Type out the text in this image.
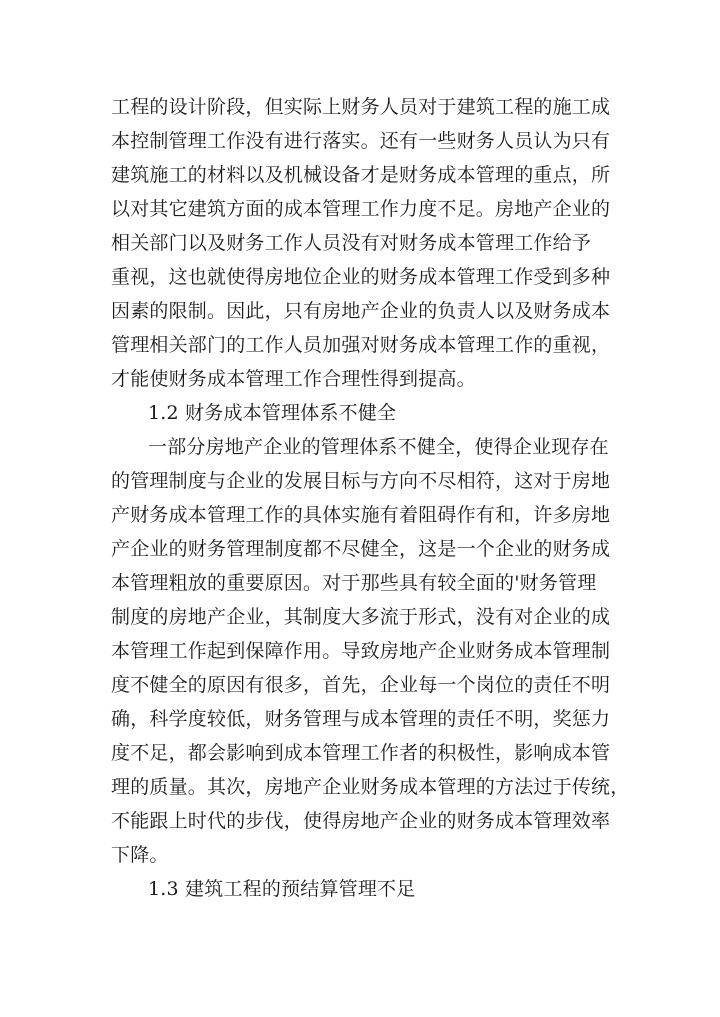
工程的设计阶段，但实际上财务人员对于建筑工程的施工成
本控制管理工作没有进行落实。还有一些财务人员认为只有
建筑施工的材料以及机械设备才是财务成本管理的重点，所
以对其它建筑方面的成本管理工作力度不足。房地产企业的
相关部门以及财务工作人员没有对财务成本管理工作给予
重视，这也就使得房地位企业的财务成本管理工作受到多种
因素的限制。因此，只有房地产企业的负责人以及财务成本
管理相关部门的工作人员加强对财务成本管理工作的重视，
才能使财务成本管理工作合理性得到提高。
1.2 财务成本管理体系不健全
一部分房地产企业的管理体系不健全，使得企业现存在
的管理制度与企业的发展目标与方向不尽相符，这对于房地
产财务成本管理工作的具体实施有着阻碍作有和，许多房地
产企业的财务管理制度都不尽健全，这是一个企业的财务成
本管理粗放的重要原因。对于那些具有较全面的'财务管理
制度的房地产企业，其制度大多流于形式，没有对企业的成
本管理工作起到保障作用。导致房地产企业财务成本管理制
度不健全的原因有很多，首先，企业每一个岗位的责任不明
确，科学度较低，财务管理与成本管理的责任不明，奖惩力
度不足，都会影响到成本管理工作者的积极性，影响成本管
理的质量。其次，房地产企业财务成本管理的方法过于传统，
不能跟上时代的步伐，使得房地产企业的财务成本管理效率
下降。
1.3 建筑工程的预结算管理不足
